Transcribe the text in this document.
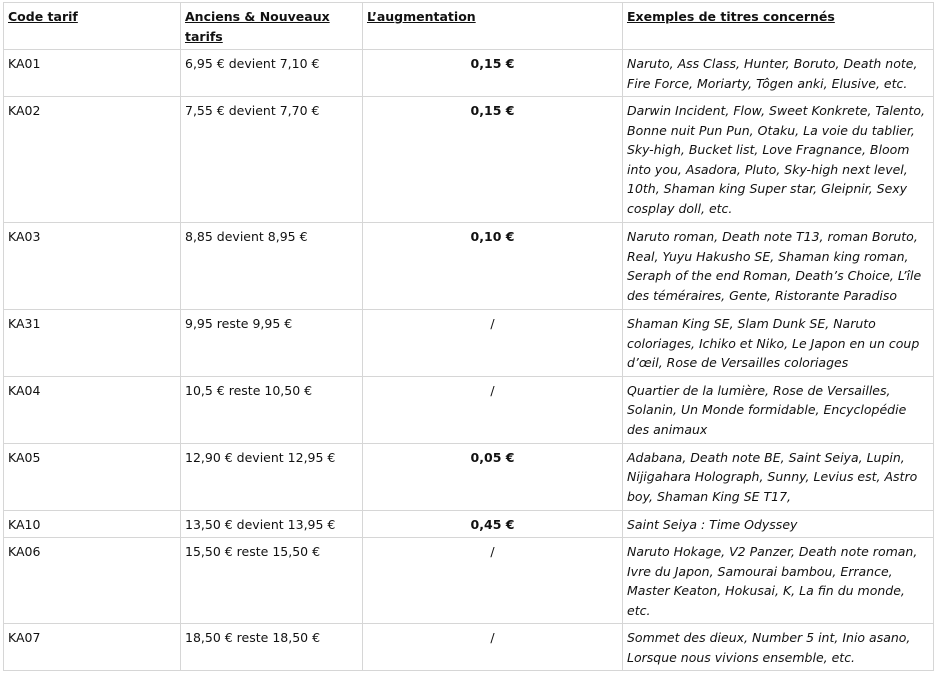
Code tarif	Anciens & Nouveaux tarifs	L’augmentation	Exemples de titres concernés
KA01	6,95 € devient 7,10 €	0,15 €	Naruto, Ass Class, Hunter, Boruto, Death note, Fire Force, Moriarty, Tôgen anki, Elusive, etc.
KA02	7,55 € devient 7,70 €	0,15 €	Darwin Incident, Flow, Sweet Konkrete, Talento, Bonne nuit Pun Pun, Otaku, La voie du tablier, Sky-high, Bucket list, Love Fragnance, Bloom into you, Asadora, Pluto, Sky-high next level, 10th, Shaman king Super star, Gleipnir, Sexy cosplay doll, etc.
KA03	8,85 devient 8,95 €	0,10 €	Naruto roman, Death note T13, roman Boruto, Real, Yuyu Hakusho SE, Shaman king roman, Seraph of the end Roman, Death’s Choice, L’île des téméraires, Gente, Ristorante Paradiso
KA31	9,95 reste 9,95 €	/	Shaman King SE, Slam Dunk SE, Naruto coloriages, Ichiko et Niko, Le Japon en un coup d’œil, Rose de Versailles coloriages
KA04	10,5 € reste 10,50 €	/	Quartier de la lumière, Rose de Versailles, Solanin, Un Monde formidable, Encyclopédie des animaux
KA05	12,90 € devient 12,95 €	0,05 €	Adabana, Death note BE, Saint Seiya, Lupin, Nijigahara Holograph, Sunny, Levius est, Astro boy, Shaman King SE T17,
KA10	13,50 € devient 13,95 €	0,45 €	Saint Seiya : Time Odyssey
KA06	15,50 € reste 15,50 €	/	Naruto Hokage, V2 Panzer, Death note roman, Ivre du Japon, Samourai bambou, Errance, Master Keaton, Hokusai, K, La fin du monde, etc.
KA07	18,50 € reste 18,50 €	/	Sommet des dieux, Number 5 int, Inio asano, Lorsque nous vivions ensemble, etc.
